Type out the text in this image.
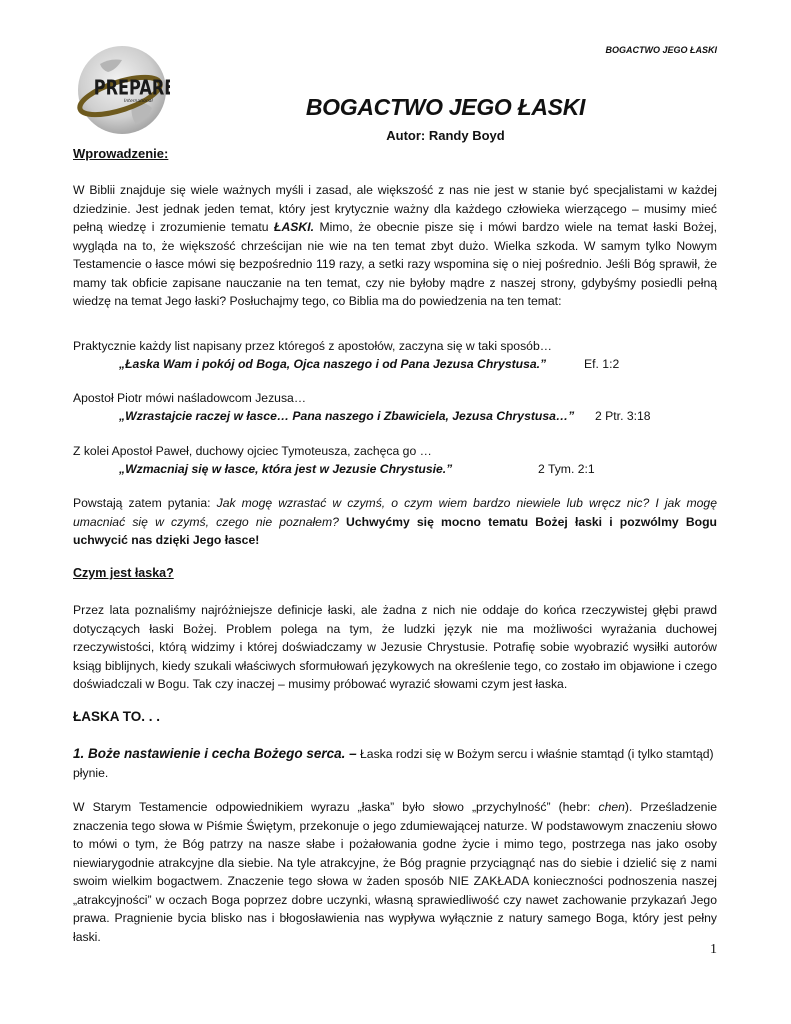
BOGACTWO JEGO ŁASKI
PREPARE
International	BOGACTWO JEGO ŁASKI
Autor: Randy Boyd
Wprowadzenie:
W Biblii znajduje się wiele ważnych myśli i zasad, ale większość z nas nie jest w stanie być specjalistami w każdej dziedzinie. Jest jednak jeden temat, który jest krytycznie ważny dla każdego człowieka wierzącego – musimy mieć pełną wiedzę i zrozumienie tematu ŁASKI. Mimo, że obecnie pisze się i mówi bardzo wiele na temat łaski Bożej, wygląda na to, że większość chrześcijan nie wie na ten temat zbyt dużo. Wielka szkoda. W samym tylko Nowym Testamencie o łasce mówi się bezpośrednio 119 razy, a setki razy wspomina się o niej pośrednio. Jeśli Bóg sprawił, że mamy tak obficie zapisane nauczanie na ten temat, czy nie byłoby mądre z naszej strony, gdybyśmy posiedli pełną wiedzę na temat Jego łaski? Posłuchajmy tego, co Biblia ma do powiedzenia na ten temat:
Praktycznie każdy list napisany przez któregoś z apostołów, zaczyna się w taki sposób…
„Łaska Wam i pokój od Boga, Ojca naszego i od Pana Jezusa Chrystusa.”	Ef. 1:2
Apostoł Piotr mówi naśladowcom Jezusa…
„Wzrastajcie raczej w łasce… Pana naszego i Zbawiciela, Jezusa Chrystusa…” 2 Ptr. 3:18
Z kolei Apostoł Paweł, duchowy ojciec Tymoteusza, zachęca go …
„Wzmacniaj się w łasce, która jest w Jezusie Chrystusie.”	2 Tym. 2:1
Powstają zatem pytania: Jak mogę wzrastać w czymś, o czym wiem bardzo niewiele lub wręcz nic? I jak mogę umacniać się w czymś, czego nie poznałem? Uchwyćmy się mocno tematu Bożej łaski i pozwólmy Bogu uchwycić nas dzięki Jego łasce!
Czym jest łaska?
Przez lata poznaliśmy najróżniejsze definicje łaski, ale żadna z nich nie oddaje do końca rzeczywistej głębi prawd dotyczących łaski Bożej. Problem polega na tym, że ludzki język nie ma możliwości wyrażania duchowej rzeczywistości, którą widzimy i której doświadczamy w Jezusie Chrystusie. Potrafię sobie wyobrazić wysiłki autorów ksiąg biblijnych, kiedy szukali właściwych sformułowań językowych na określenie tego, co zostało im objawione i czego doświadczali w Bogu. Tak czy inaczej – musimy próbować wyrazić słowami czym jest łaska.
ŁASKA TO. . .
1. Boże nastawienie i cecha Bożego serca. – Łaska rodzi się w Bożym sercu i właśnie stamtąd (i tylko stamtąd) płynie.
W Starym Testamencie odpowiednikiem wyrazu „łaska” było słowo „przychylność” (hebr: chen). Prześladzenie znaczenia tego słowa w Piśmie Świętym, przekonuje o jego zdumiewającej naturze. W podstawowym znaczeniu słowo to mówi o tym, że Bóg patrzy na nasze słabe i pożałowania godne życie i mimo tego, postrzega nas jako osoby niewiarygodnie atrakcyjne dla siebie. Na tyle atrakcyjne, że Bóg pragnie przyciągnąć nas do siebie i dzielić się z nami swoim wielkim bogactwem. Znaczenie tego słowa w żaden sposób NIE ZAKŁADA konieczności podnoszenia naszej „atrakcyjności” w oczach Boga poprzez dobre uczynki, własną sprawiedliwość czy nawet zachowanie przykazań Jego prawa. Pragnienie bycia blisko nas i błogosławienia nas wypływa wyłącznie z natury samego Boga, który jest pełny łaski.
1
